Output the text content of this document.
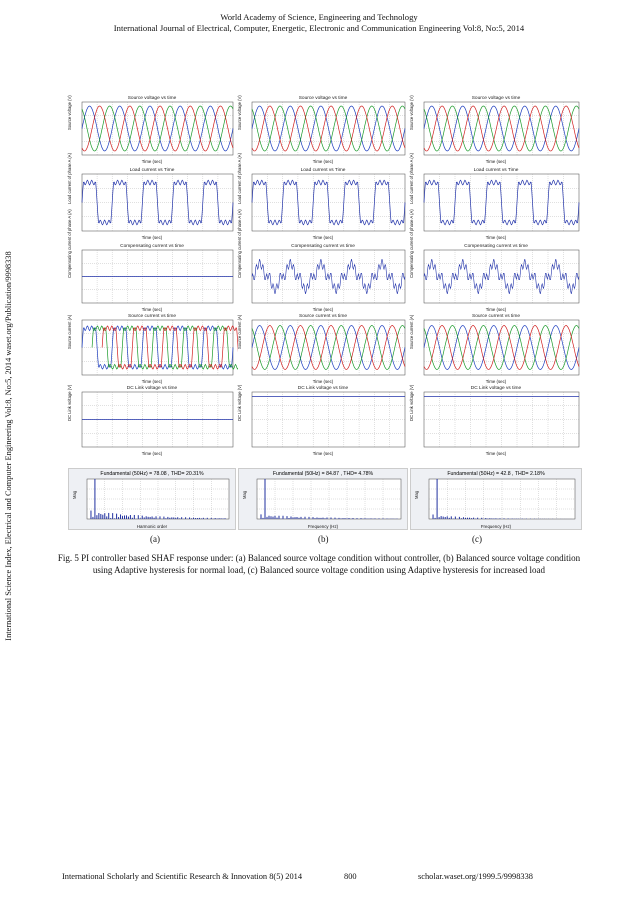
World Academy of Science, Engineering and Technology
International Journal of Electrical, Computer, Energetic, Electronic and Communication Engineering Vol:8, No:5, 2014
International Science Index, Electrical and Computer Engineering Vol:8, No:5, 2014 waset.org/Publication/9998338
Source voltage vs time
Source voltage (V)
Time (sec)
Source voltage vs time
Source voltage (V)
Time (sec)
Source voltage vs time
Source voltage (V)
Time (sec)
Load current vs Time
Load current of phase A (A)
Time (sec)
Load current vs Time
Load current of phase A (A)
Time (sec)
Load current vs Time
Load current of phase A (A)
Time (sec)
Compensating current vs time
Compensating current of phase A (A)
Time (sec)
Compensating current vs time
Compensating current of phase A (A)
Time (sec)
Compensating current vs time
Compensating current of phase A (A)
Time (sec)
Source current vs time
Source current (A)
Time (sec)
Source current vs time
Source current (A)
Time (sec)
Source current vs time
Source current (A)
Time (sec)
DC Link voltage vs time
DC Link voltage (V)
Time (sec)
DC Link voltage vs time
DC Link voltage (V)
Time (sec)
DC Link voltage vs time
DC Link voltage (V)
Time (sec)
Fundamental (50Hz) = 78.08 , THD= 20.31%
Mag
Harmonic order
Fundamental (50Hz) = 84.87 , THD= 4.78%
Mag
Frequency (Hz)
Fundamental (50Hz) = 42.8 , THD= 2.18%
Mag
Frequency (Hz)
(a)	(b)	(c)
Fig. 5 PI controller based SHAF response under: (a) Balanced source voltage condition without controller, (b) Balanced source voltage condition using Adaptive hysteresis for normal load, (c) Balanced source voltage condition using Adaptive hysteresis for increased load
International Scholarly and Scientific Research & Innovation 8(5) 2014	800	scholar.waset.org/1999.5/9998338
